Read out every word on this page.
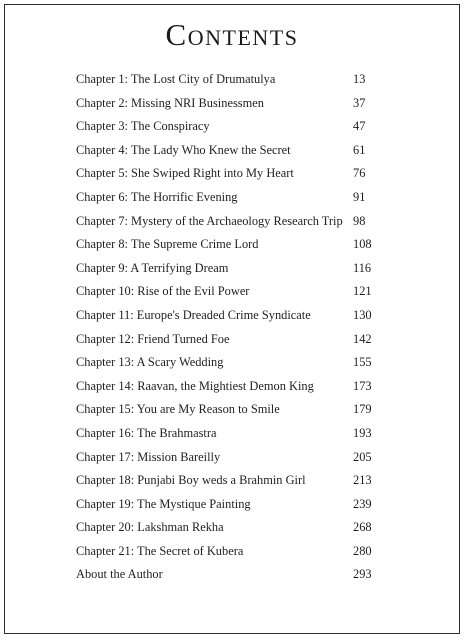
Contents
Chapter 1: The Lost City of Drumatulya	13
Chapter 2: Missing NRI Businessmen	37
Chapter 3: The Conspiracy	47
Chapter 4: The Lady Who Knew the Secret	61
Chapter 5: She Swiped Right into My Heart	76
Chapter 6: The Horrific Evening	91
Chapter 7: Mystery of the Archaeology Research Trip 98
Chapter 8: The Supreme Crime Lord	108
Chapter 9: A Terrifying Dream	116
Chapter 10: Rise of the Evil Power	121
Chapter 11: Europe's Dreaded Crime Syndicate	130
Chapter 12: Friend Turned Foe	142
Chapter 13: A Scary Wedding	155
Chapter 14: Raavan, the Mightiest Demon King	173
Chapter 15: You are My Reason to Smile	179
Chapter 16: The Brahmastra	193
Chapter 17: Mission Bareilly	205
Chapter 18: Punjabi Boy weds a Brahmin Girl	213
Chapter 19: The Mystique Painting	239
Chapter 20: Lakshman Rekha	268
Chapter 21: The Secret of Kubera	280
About the Author	293
